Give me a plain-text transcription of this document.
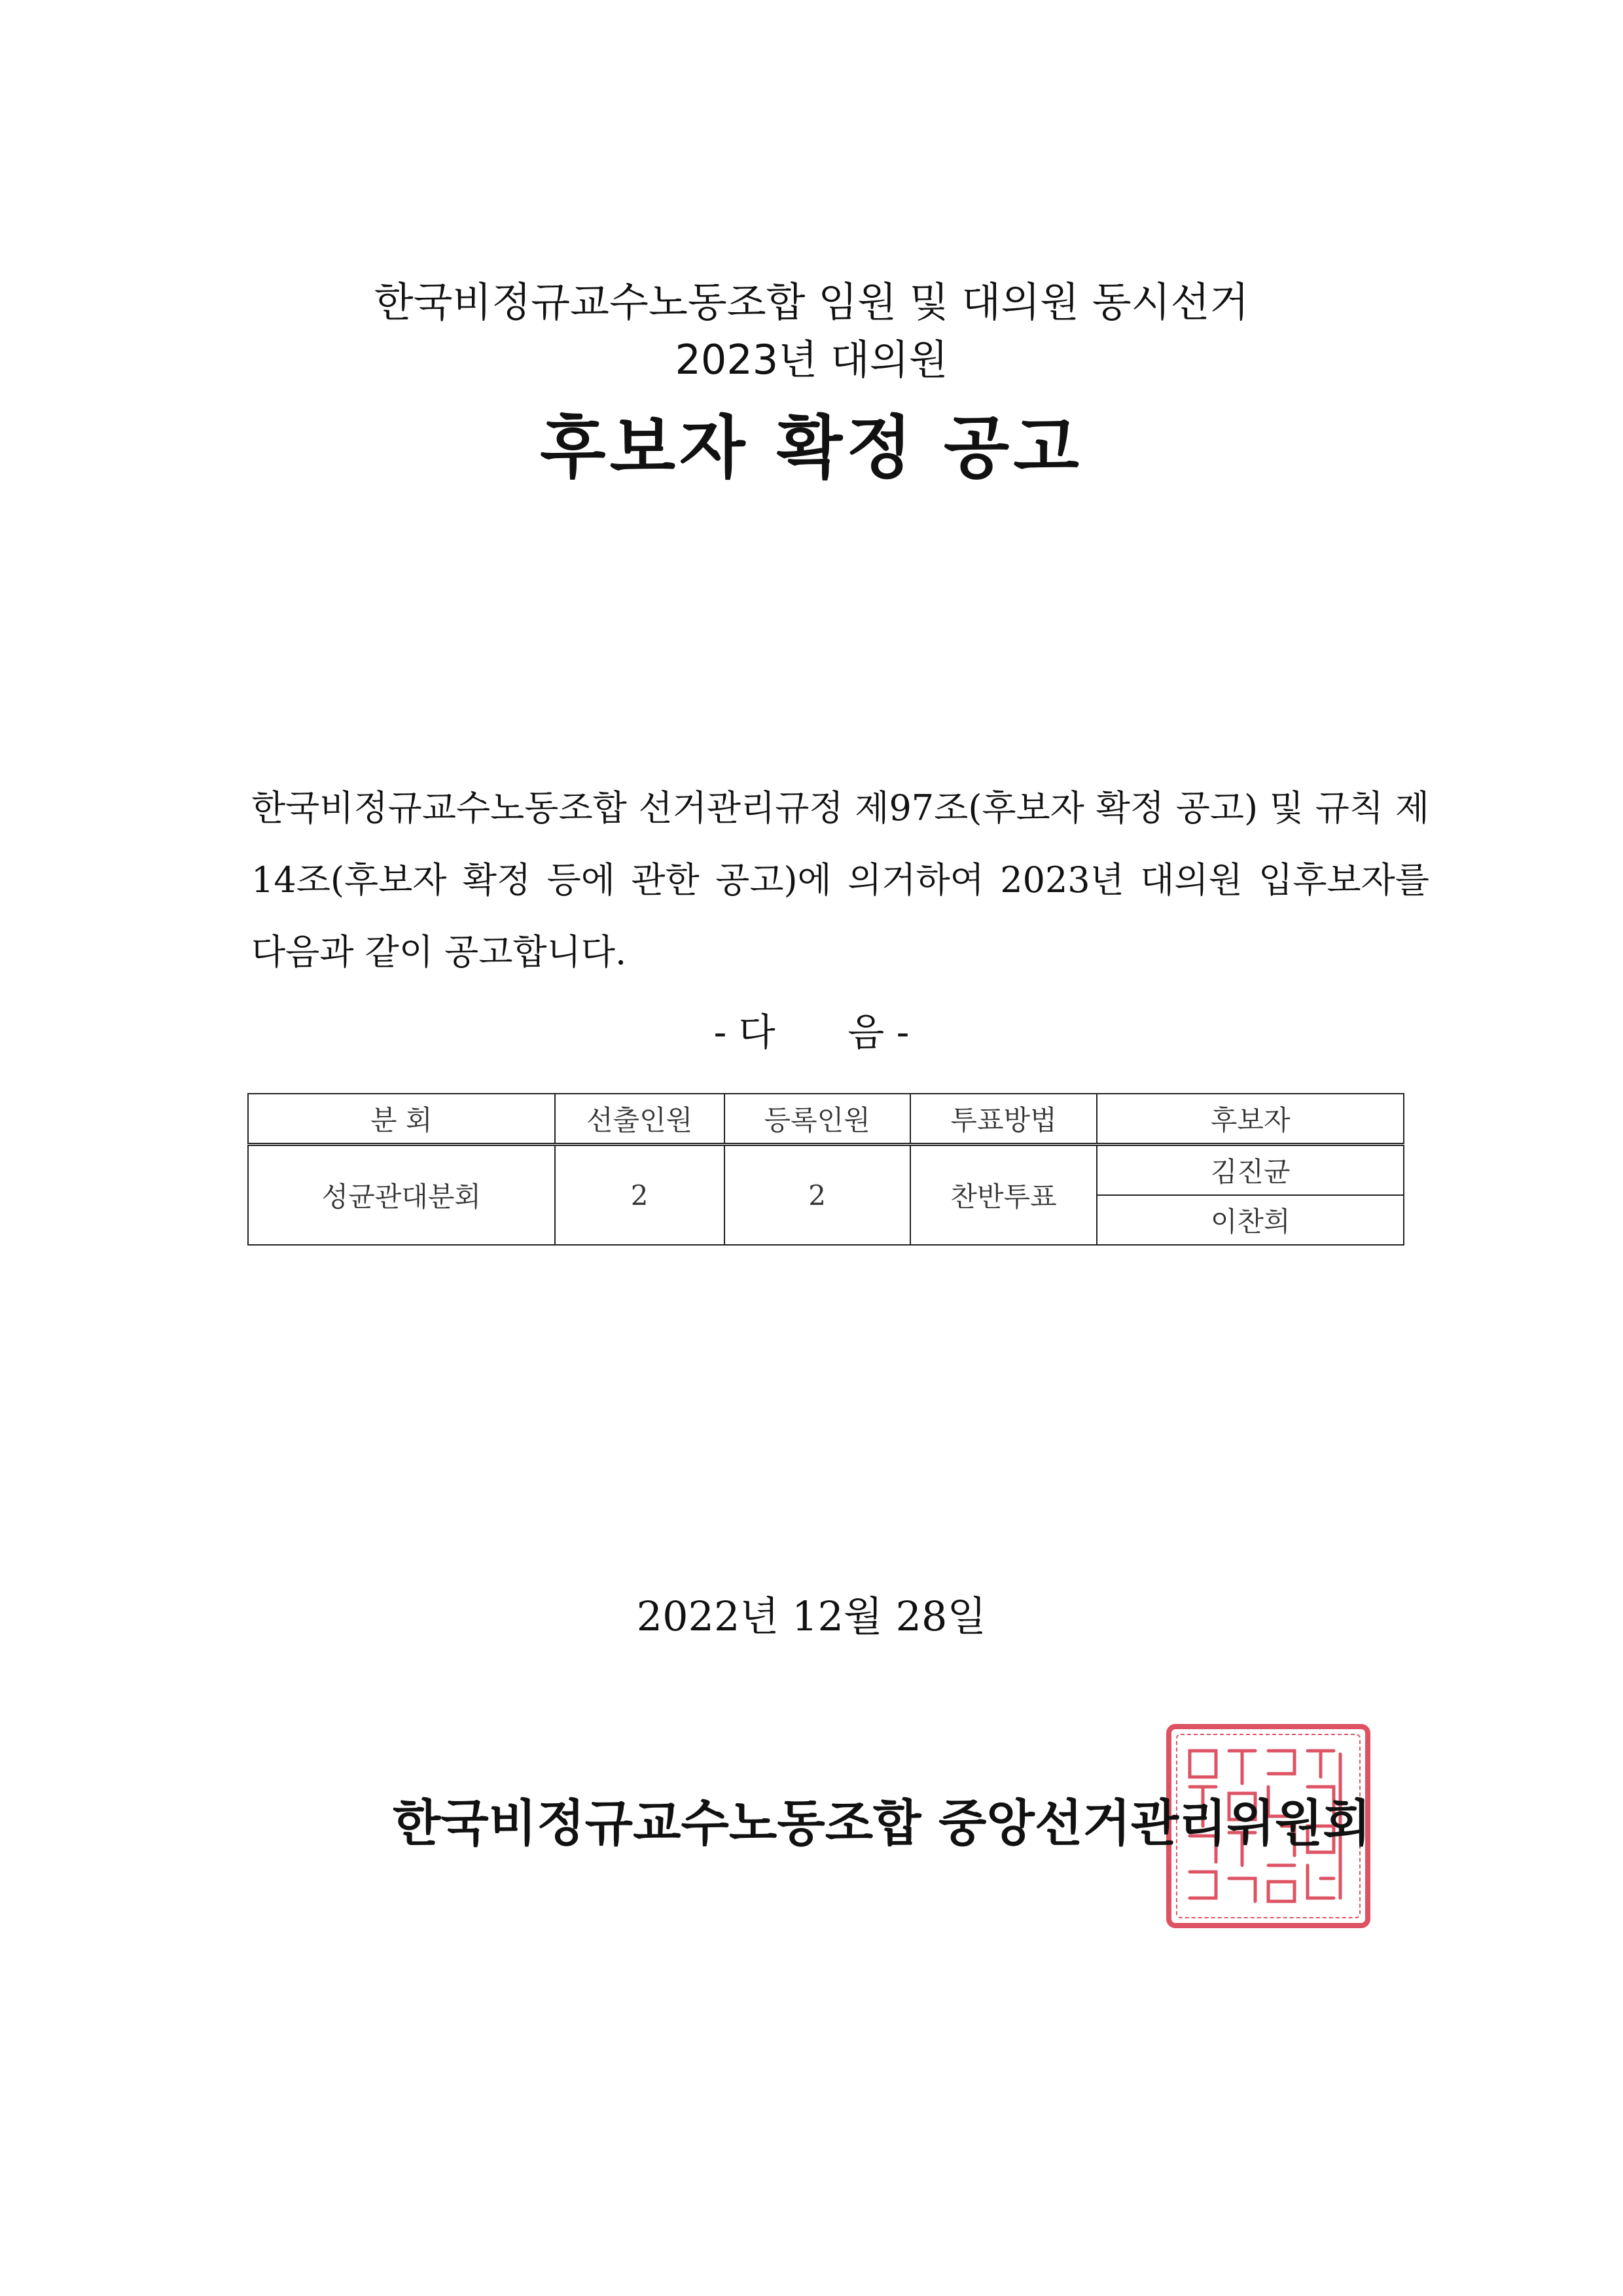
한국비정규교수노동조합 임원 및 대의원 동시선거
2023년 대의원
후보자 확정 공고
한국비정규교수노동조합 선거관리규정 제97조(후보자 확정 공고) 및 규칙 제14조(후보자 확정 등에 관한 공고)에 의거하여 2023년 대의원 입후보자를 다음과 같이 공고합니다.
- 다      음 -
분 회	선출인원	등록인원	투표방법	후보자
성균관대분회	2	2	찬반투표	김진균
				이찬희
2022년 12월 28일
한국비정규교수노동조합 중앙선거관리위원회
